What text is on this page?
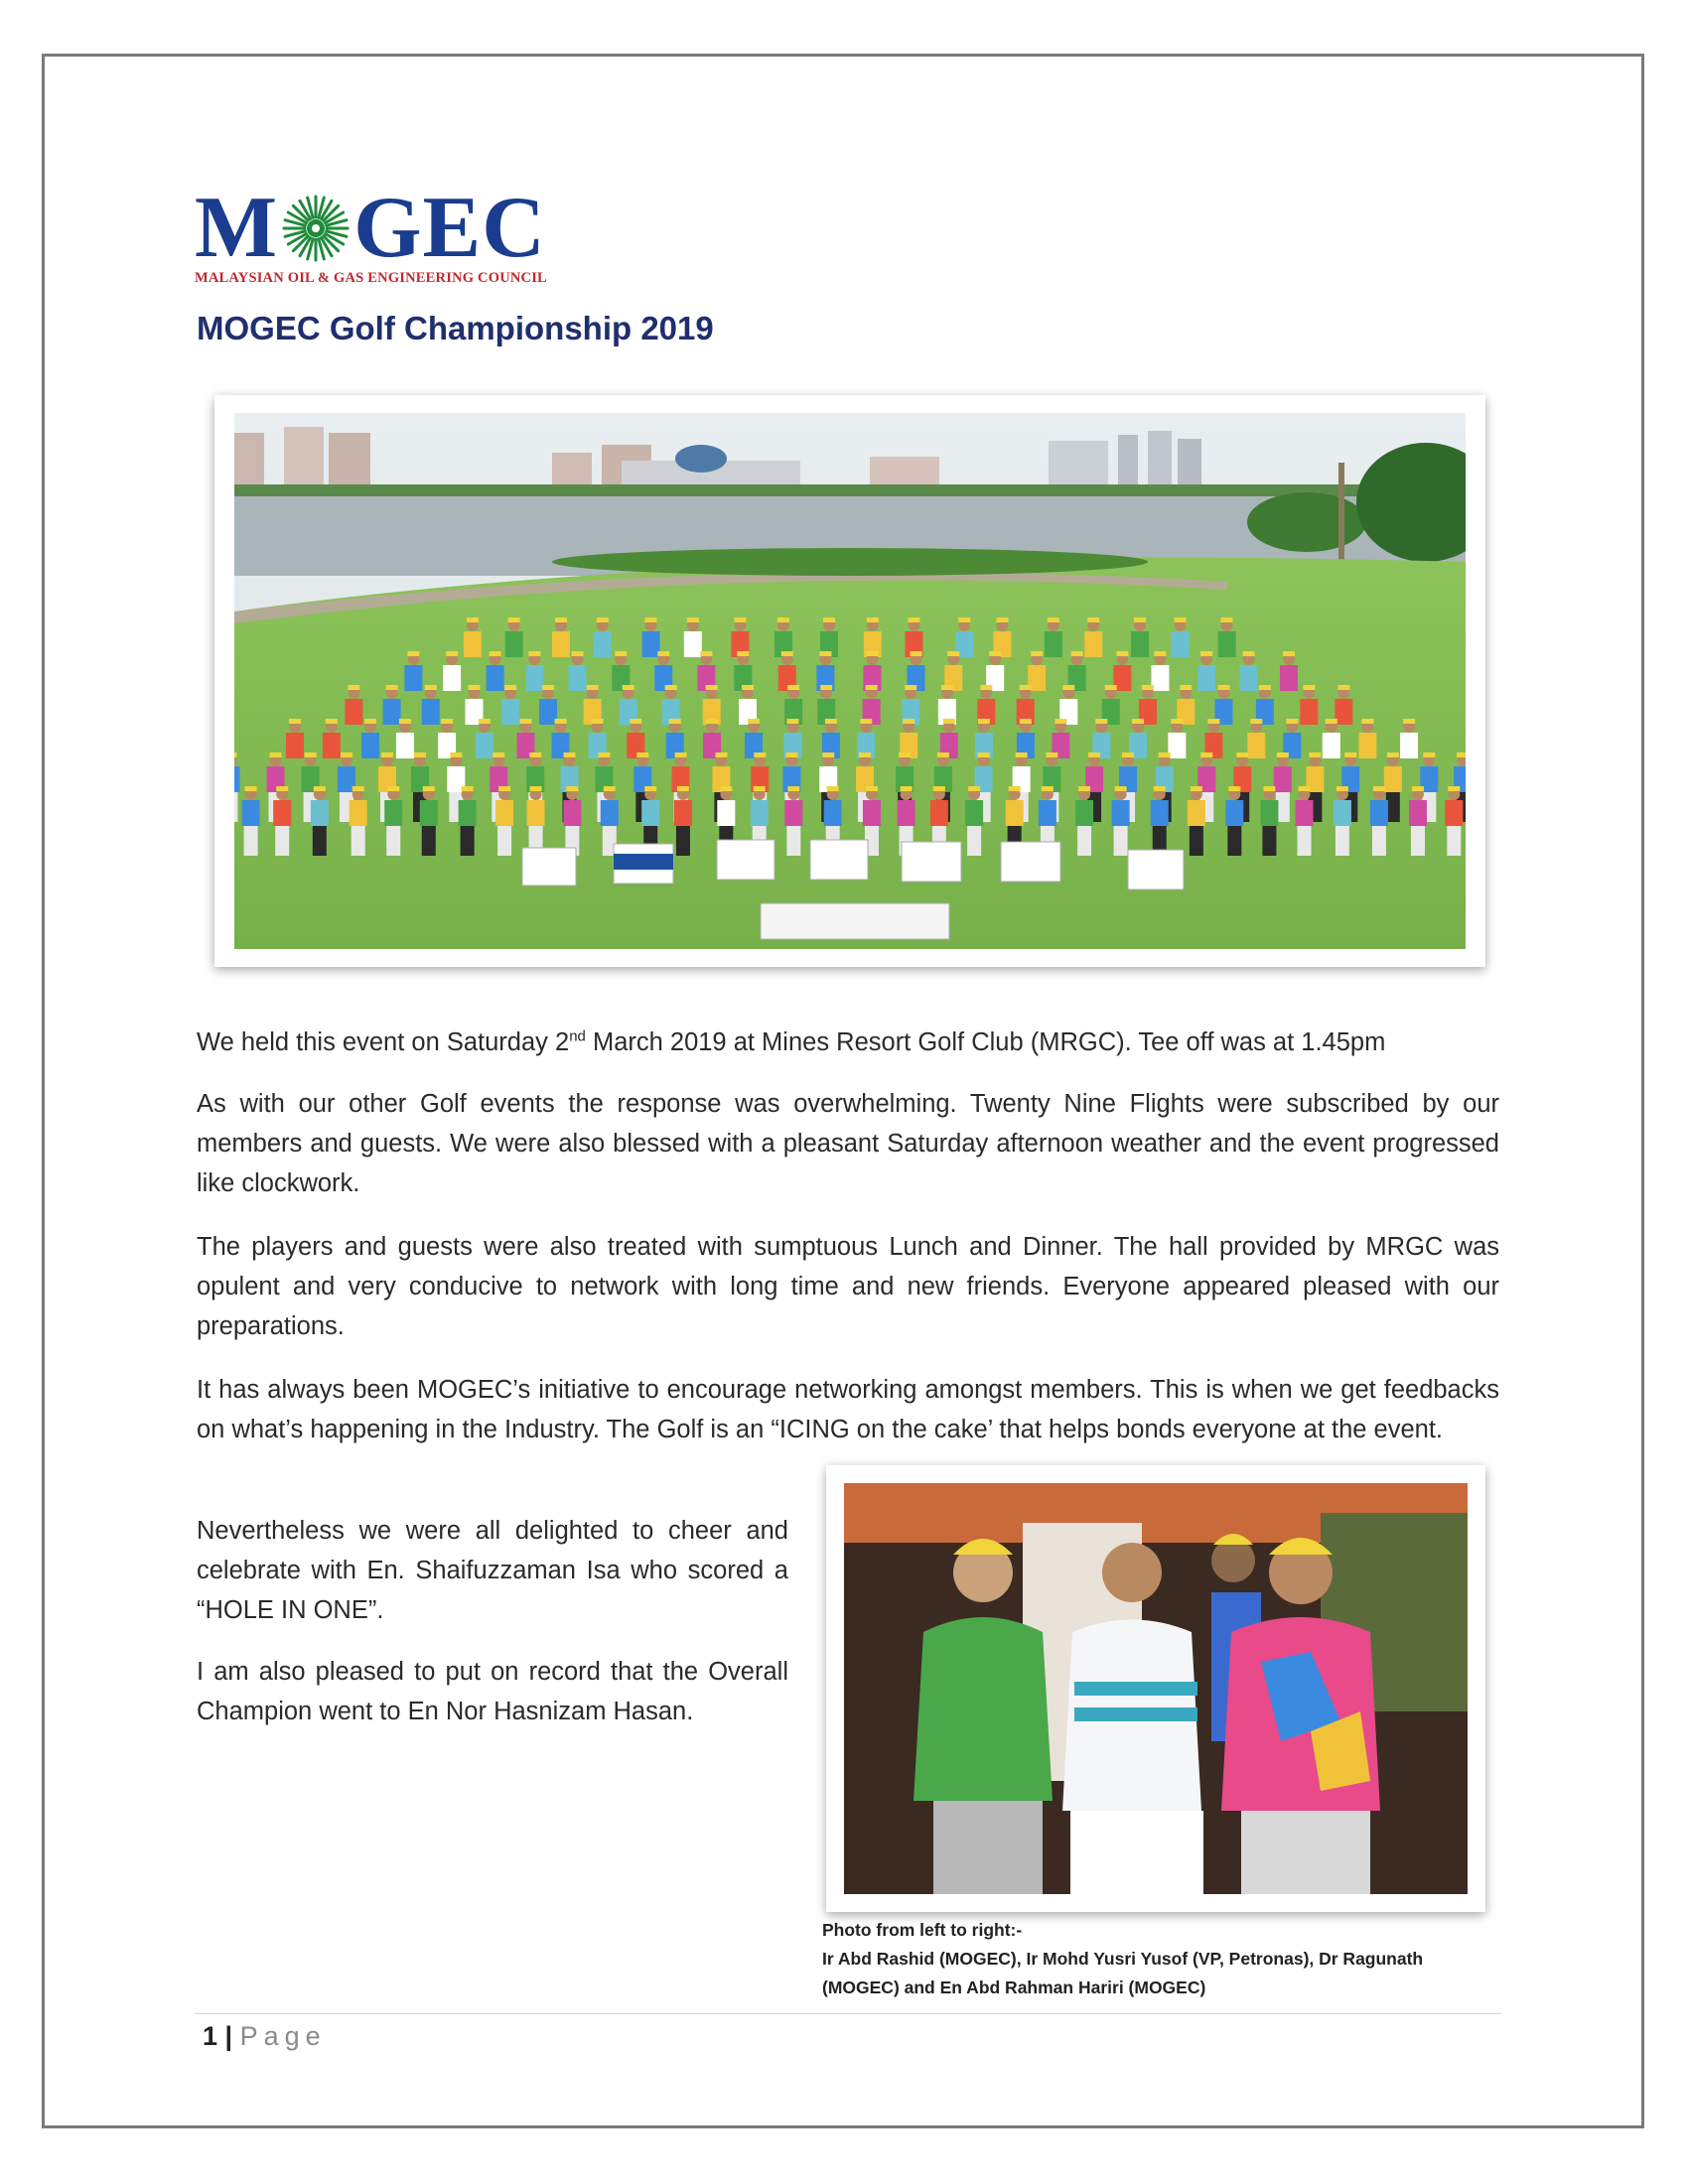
M GEC
MALAYSIAN OIL & GAS ENGINEERING COUNCIL
MOGEC Golf Championship 2019
We held this event on Saturday 2nd March 2019 at Mines Resort Golf Club (MRGC). Tee off was at 1.45pm
As with our other Golf events the response was overwhelming. Twenty Nine Flights were subscribed by our members and guests. We were also blessed with a pleasant Saturday afternoon weather and the event progressed like clockwork.
The players and guests were also treated with sumptuous Lunch and Dinner. The hall provided by MRGC was opulent and very conducive to network with long time and new friends. Everyone appeared pleased with our preparations.
It has always been MOGEC’s initiative to encourage networking amongst members. This is when we get feedbacks on what’s happening in the Industry. The Golf is an “ICING on the cake’ that helps bonds everyone at the event.
Nevertheless we were all delighted to cheer and celebrate with En. Shaifuzzaman Isa who scored a “HOLE IN ONE”.
I am also pleased to put on record that the Overall Champion went to En Nor Hasnizam Hasan.
Photo from left to right:-
Ir Abd Rashid (MOGEC), Ir Mohd Yusri Yusof (VP, Petronas), Dr Ragunath
(MOGEC) and En Abd Rahman Hariri (MOGEC)
1 | Page
